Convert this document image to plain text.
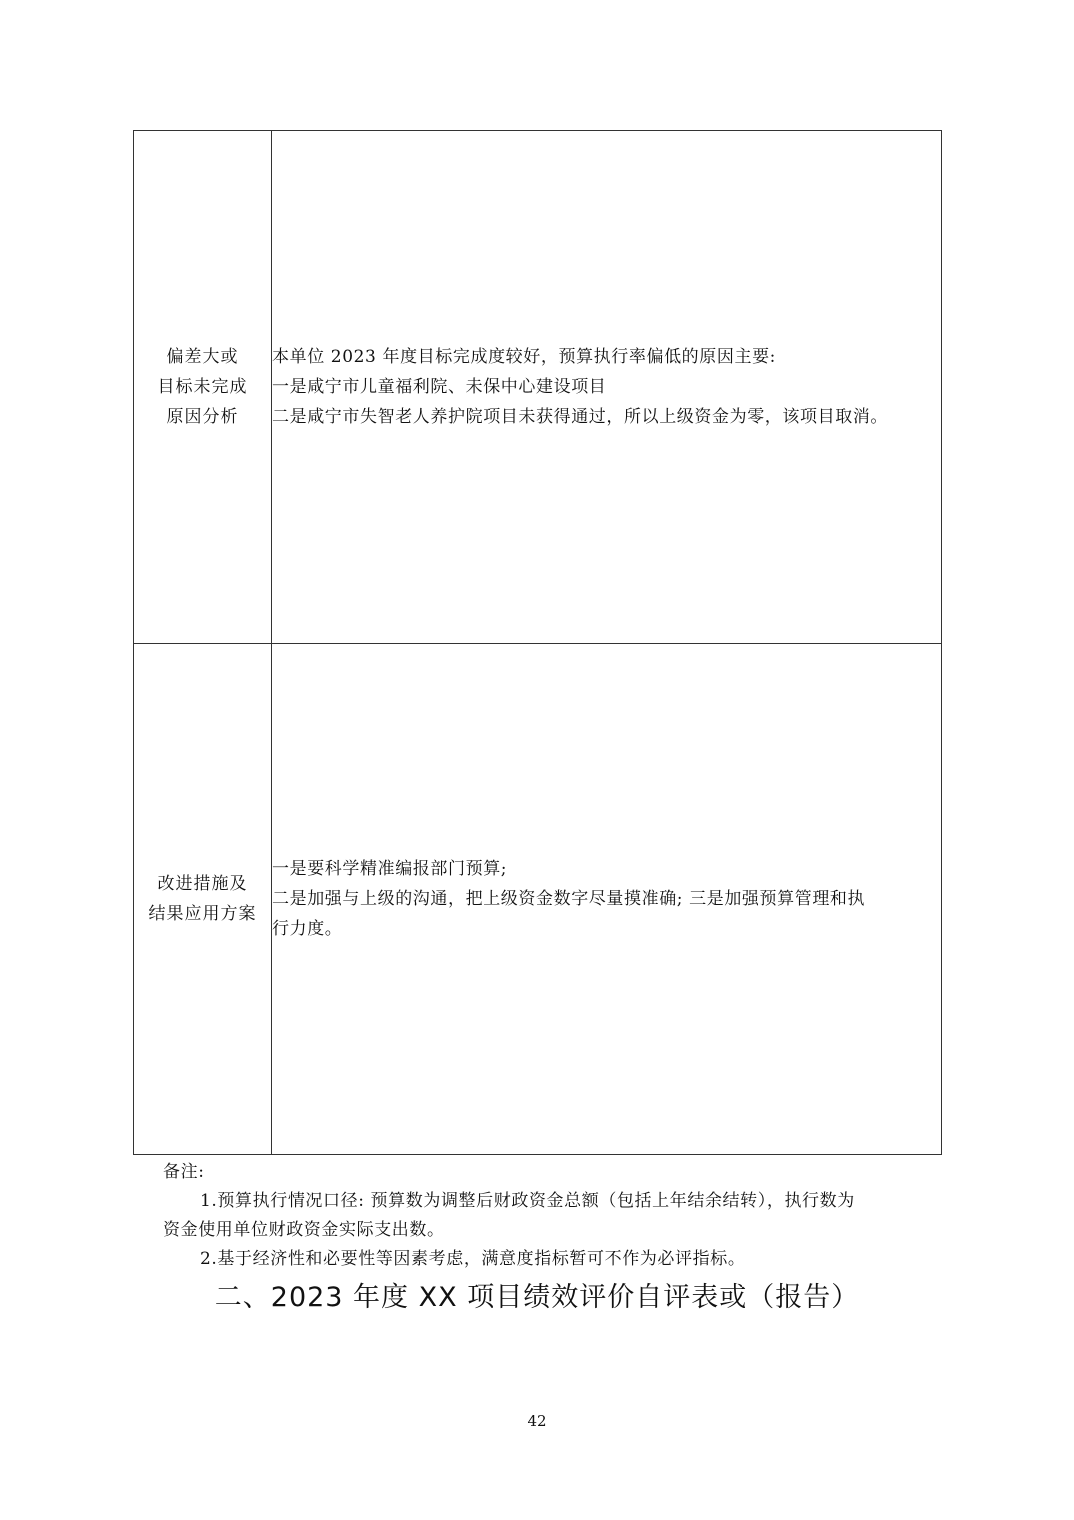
偏差大或
目标未完成
原因分析	本单位 2023 年度目标完成度较好，预算执行率偏低的原因主要:
一是咸宁市儿童福利院、未保中心建设项目
二是咸宁市失智老人养护院项目未获得通过，所以上级资金为零，该项目取消。

改进措施及
结果应用方案	一是要科学精准编报部门预算;
二是加强与上级的沟通，把上级资金数字尽量摸准确; 三是加强预算管理和执
行力度。
备注:
1.预算执行情况口径: 预算数为调整后财政资金总额（包括上年结余结转），执行数为
资金使用单位财政资金实际支出数。
2.基于经济性和必要性等因素考虑，满意度指标暂可不作为必评指标。
二、2023 年度 XX 项目绩效评价自评表或（报告）
42
